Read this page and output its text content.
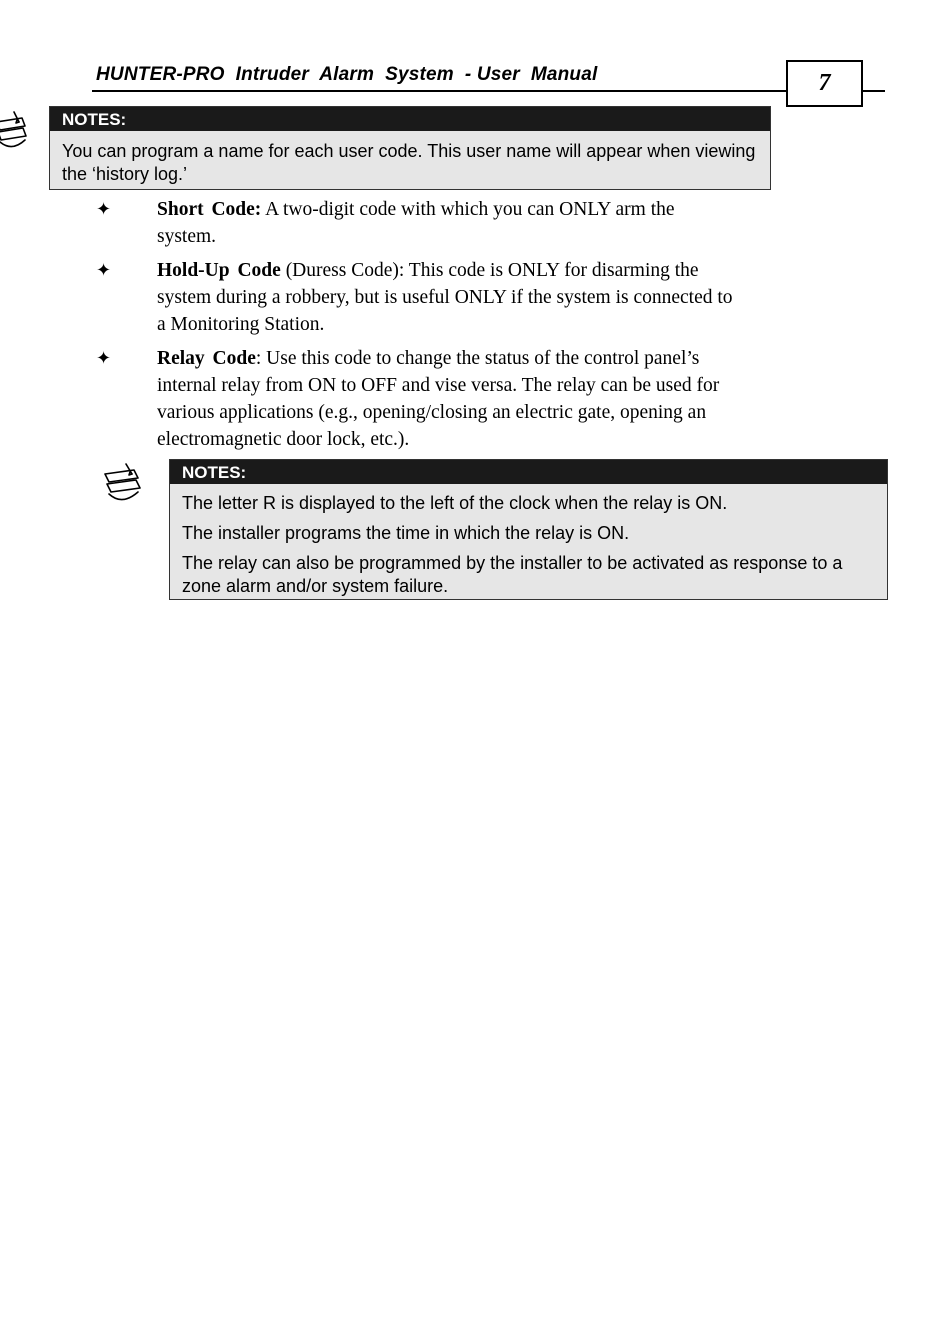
HUNTER-PRO  Intruder  Alarm  System  - User  Manual	7
NOTES:

You can program a name for each user code. This user name will appear when viewing the ‘history log.’

✦ Short Code: A two-digit code with which you can ONLY arm the system.
✦ Hold-Up Code (Duress Code): This code is ONLY for disarming the system during a robbery, but is useful ONLY if the system is connected to a Monitoring Station.
✦ Relay Code: Use this code to change the status of the control panel’s internal relay from ON to OFF and vise versa. The relay can be used for various applications (e.g., opening/closing an electric gate, opening an electromagnetic door lock, etc.).
NOTES:

The letter R is displayed to the left of the clock when the relay is ON.

The installer programs the time in which the relay is ON.

The relay can also be programmed by the installer to be activated as response to a zone alarm and/or system failure.
